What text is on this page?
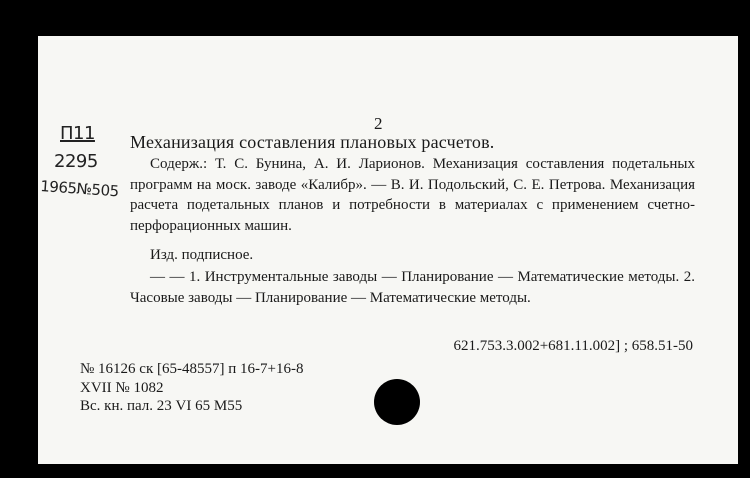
2
П11
2295
1965№505
Механизация составления плановых расчетов.
Содерж.: Т. С. Бунина, А. И. Ларионов. Механизация составления подетальных программ на моск. заводе «Калибр». — В. И. Подольский, С. Е. Петрова. Механизация расчета подетальных планов и потребности в материалах с применением счетно-перфорационных машин.
Изд. подписное.
— — 1. Инструментальные заводы — Планирование — Математические методы. 2. Часовые заводы — Планирование — Математические методы.
621.753.3.002+681.11.002] ; 658.51-50
№ 16126 ск [65-48557] п 16-7+16-8
XVII № 1082
Вс. кн. пал. 23 VI 65 М55
